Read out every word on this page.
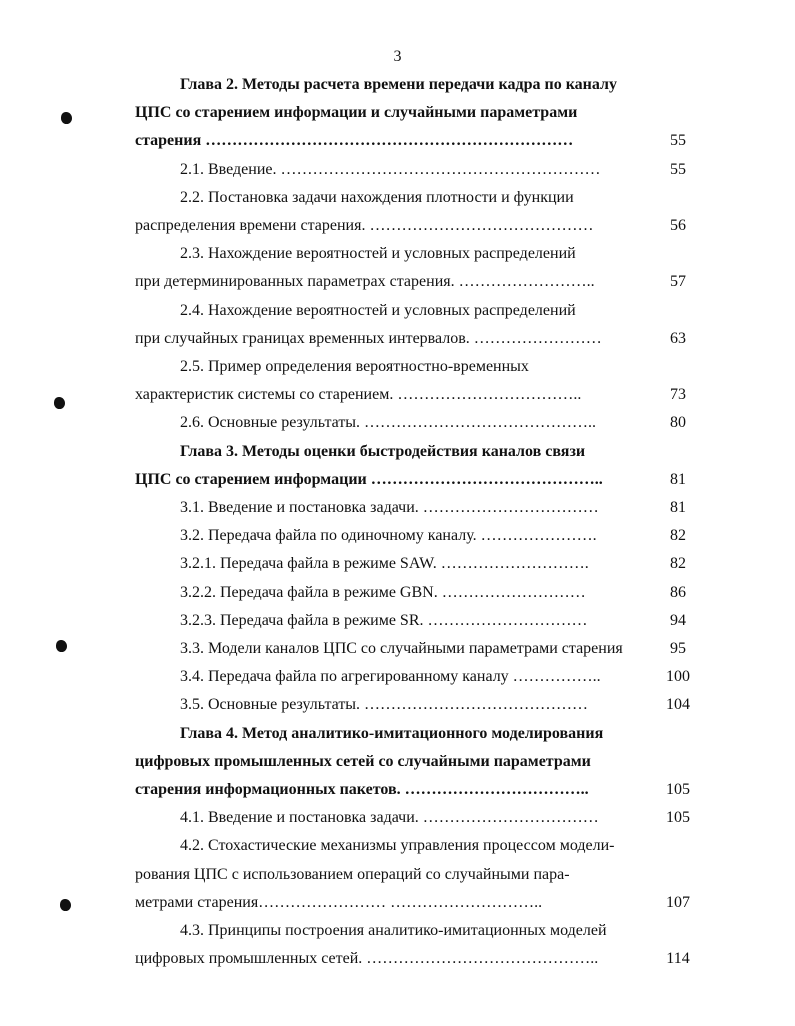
3
Глава 2. Методы расчета времени передачи кадра по каналу
ЦПС со старением информации и случайными параметрами
старения ……………………………………………………………	55
2.1. Введение. ……………………………………………………	55
2.2. Постановка задачи нахождения плотности и функции
распределения времени старения. ……………………………………	56
2.3. Нахождение вероятностей и условных распределений
при детерминированных параметрах старения. ……………………..	57
2.4. Нахождение вероятностей и условных распределений
при случайных границах временных интервалов. ……………………	63
2.5. Пример определения вероятностно-временных
характеристик системы со старением. ……………………………..	73
2.6. Основные результаты. ……………………………………..	80
Глава 3. Методы оценки быстродействия каналов связи
ЦПС со старением информации ……………………………………..	81
3.1. Введение и постановка задачи. ……………………………	81
3.2. Передача файла по одиночному каналу. ………………….	82
3.2.1. Передача файла в режиме SAW. ……………………….	82
3.2.2. Передача файла в режиме GBN. ………………………	86
3.2.3. Передача файла в режиме SR. …………………………	94
3.3. Модели каналов ЦПС со случайными параметрами старения	95
3.4. Передача файла по агрегированному каналу ……………..	100
3.5. Основные результаты. ……………………………………	104
Глава 4. Метод аналитико-имитационного моделирования
цифровых промышленных сетей со случайными параметрами
старения информационных пакетов. ……………………………..	105
4.1. Введение и постановка задачи. ……………………………	105
4.2. Стохастические механизмы управления процессом модели-
рования ЦПС с использованием операций со случайными пара-
метрами старения…………………… ………………………..	107
4.3. Принципы построения аналитико-имитационных моделей
цифровых промышленных сетей. ……………………………………..	114
